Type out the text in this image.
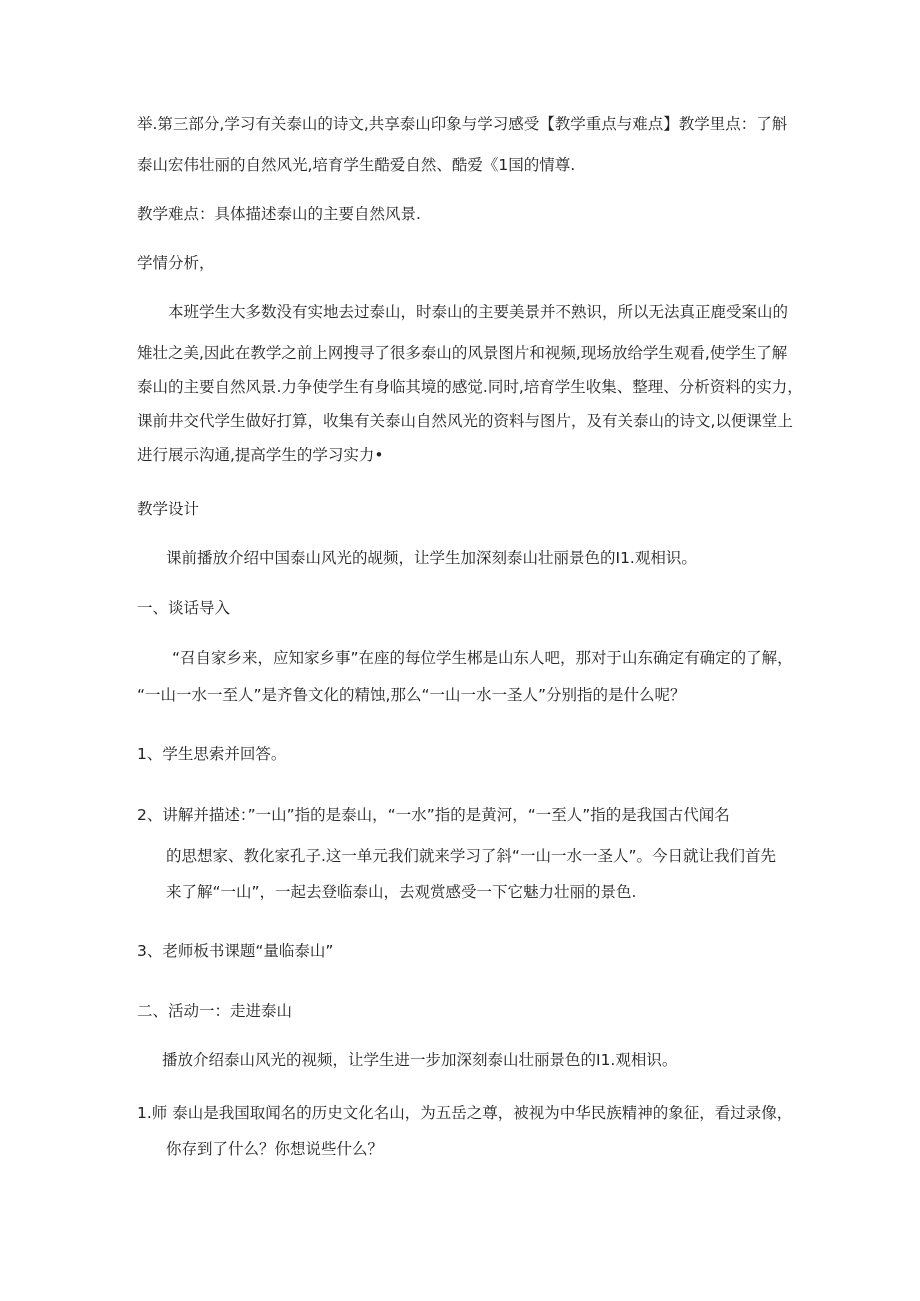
举.第三部分,学习有关泰山的诗文,共享泰山印象与学习感受【教学重点与难点】教学里点：了斛
泰山宏伟壮丽的自然风光,培育学生酷爱自然、酷爱《1国的情尊.
教学难点：具体描述泰山的主要自然风景.
学情分析，
本班学生大多数没有实地去过泰山，时泰山的主要美景并不熟识，所以无法真正鹿受案山的
雉壮之美,因此在教学之前上网搜寻了很多泰山的风景图片和视频,现场放给学生观看,使学生了解
泰山的主要自然风景.力争使学生有身临其境的感觉.同时,培育学生收集、整理、分析资料的实力，
课前井交代学生做好打算，收集有关泰山自然风光的资料与图片，及有关泰山的诗文,以便课堂上
进行展示沟通,提高学生的学习实力•
教学设计
课前播放介绍中国泰山风光的觇频，让学生加深刻泰山壮丽景色的I1.观相识。
一、谈话导入
“召自家乡来，应知家乡事”在座的每位学生郴是山东人吧，那对于山东确定有确定的了解，
“一山一水一至人”是齐鲁文化的精蚀,那么“一山一水一圣人”分别指的是什么呢？
1、学生思索并回答。
2、讲解并描述：”一山”指的是泰山，“一水”指的是黄河，“一至人”指的是我国古代闻名
的思想家、教化家孔子.这一单元我们就来学习了斜“一山一水一圣人”。今日就让我们首先
来了解“一山”，一起去登临泰山，去观赏感受一下它魅力壮丽的景色.
3、老师板书课题“量临泰山”
二、活动一：走进泰山
播放介绍泰山风光的视频，让学生进一步加深刻泰山壮丽景色的I1.观相识。
1.师 泰山是我国取闻名的历史文化名山，为五岳之尊，被视为中华民族精神的象征，看过录像，
你存到了什么？你想说些什么？
